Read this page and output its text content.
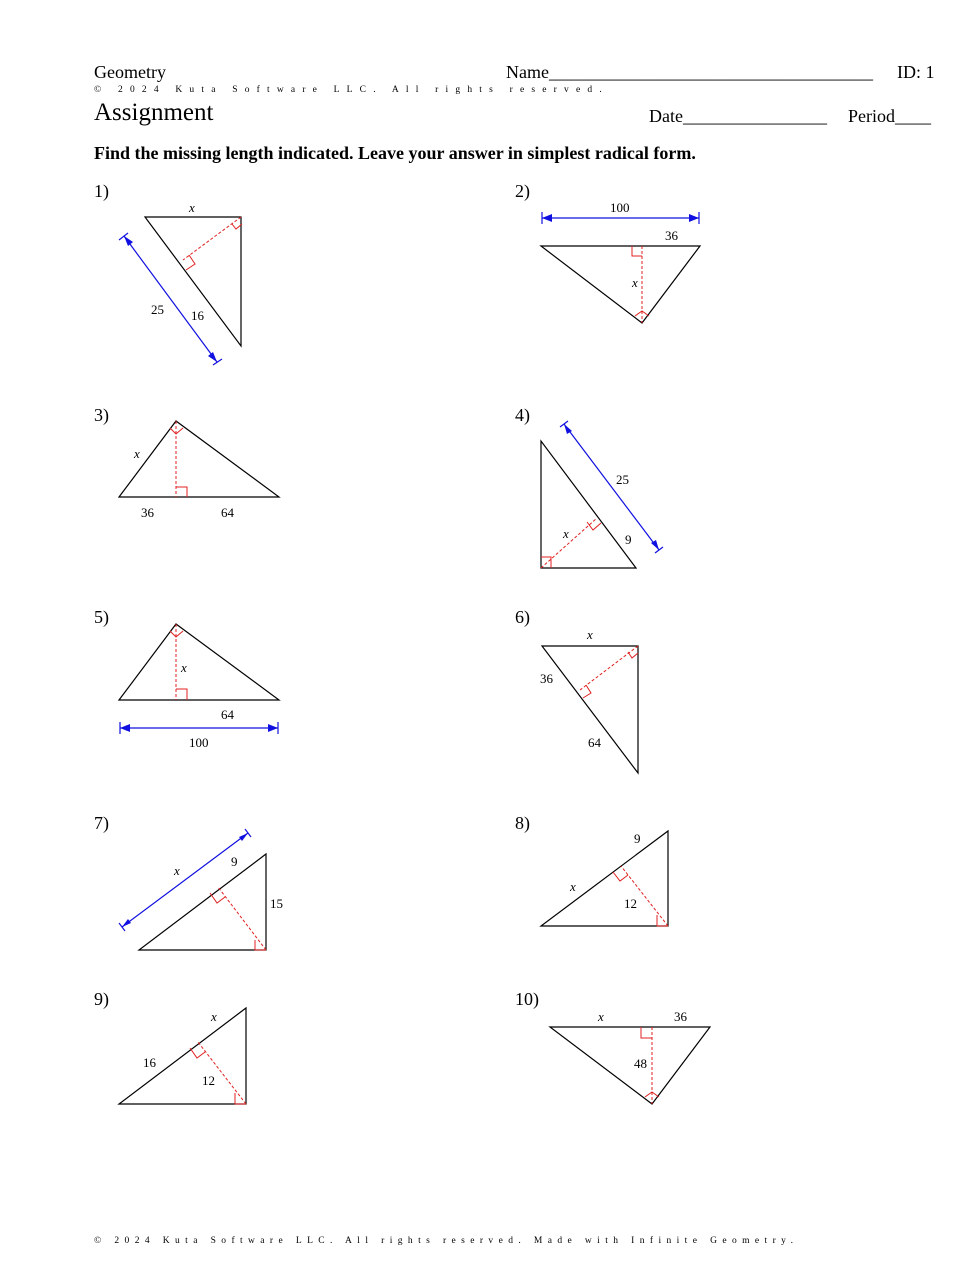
Geometry	Name____________________________________ ID: 1
© 2024 Kuta Software LLC. All rights reserved.
Assignment	Date________________ Period____
Find the missing length indicated. Leave your answer in simplest radical form.
1)	2)
3)	4)
5)	6)
7)	8)
9)	10)
x
25 16
100
36
x
x
36	64
25
x	9
x
64
100
x
36
64
x
9
15
9
x
12
x
16
12
x	36
48
© 2024 Kuta Software LLC. All rights reserved. Made with Infinite Geometry.
